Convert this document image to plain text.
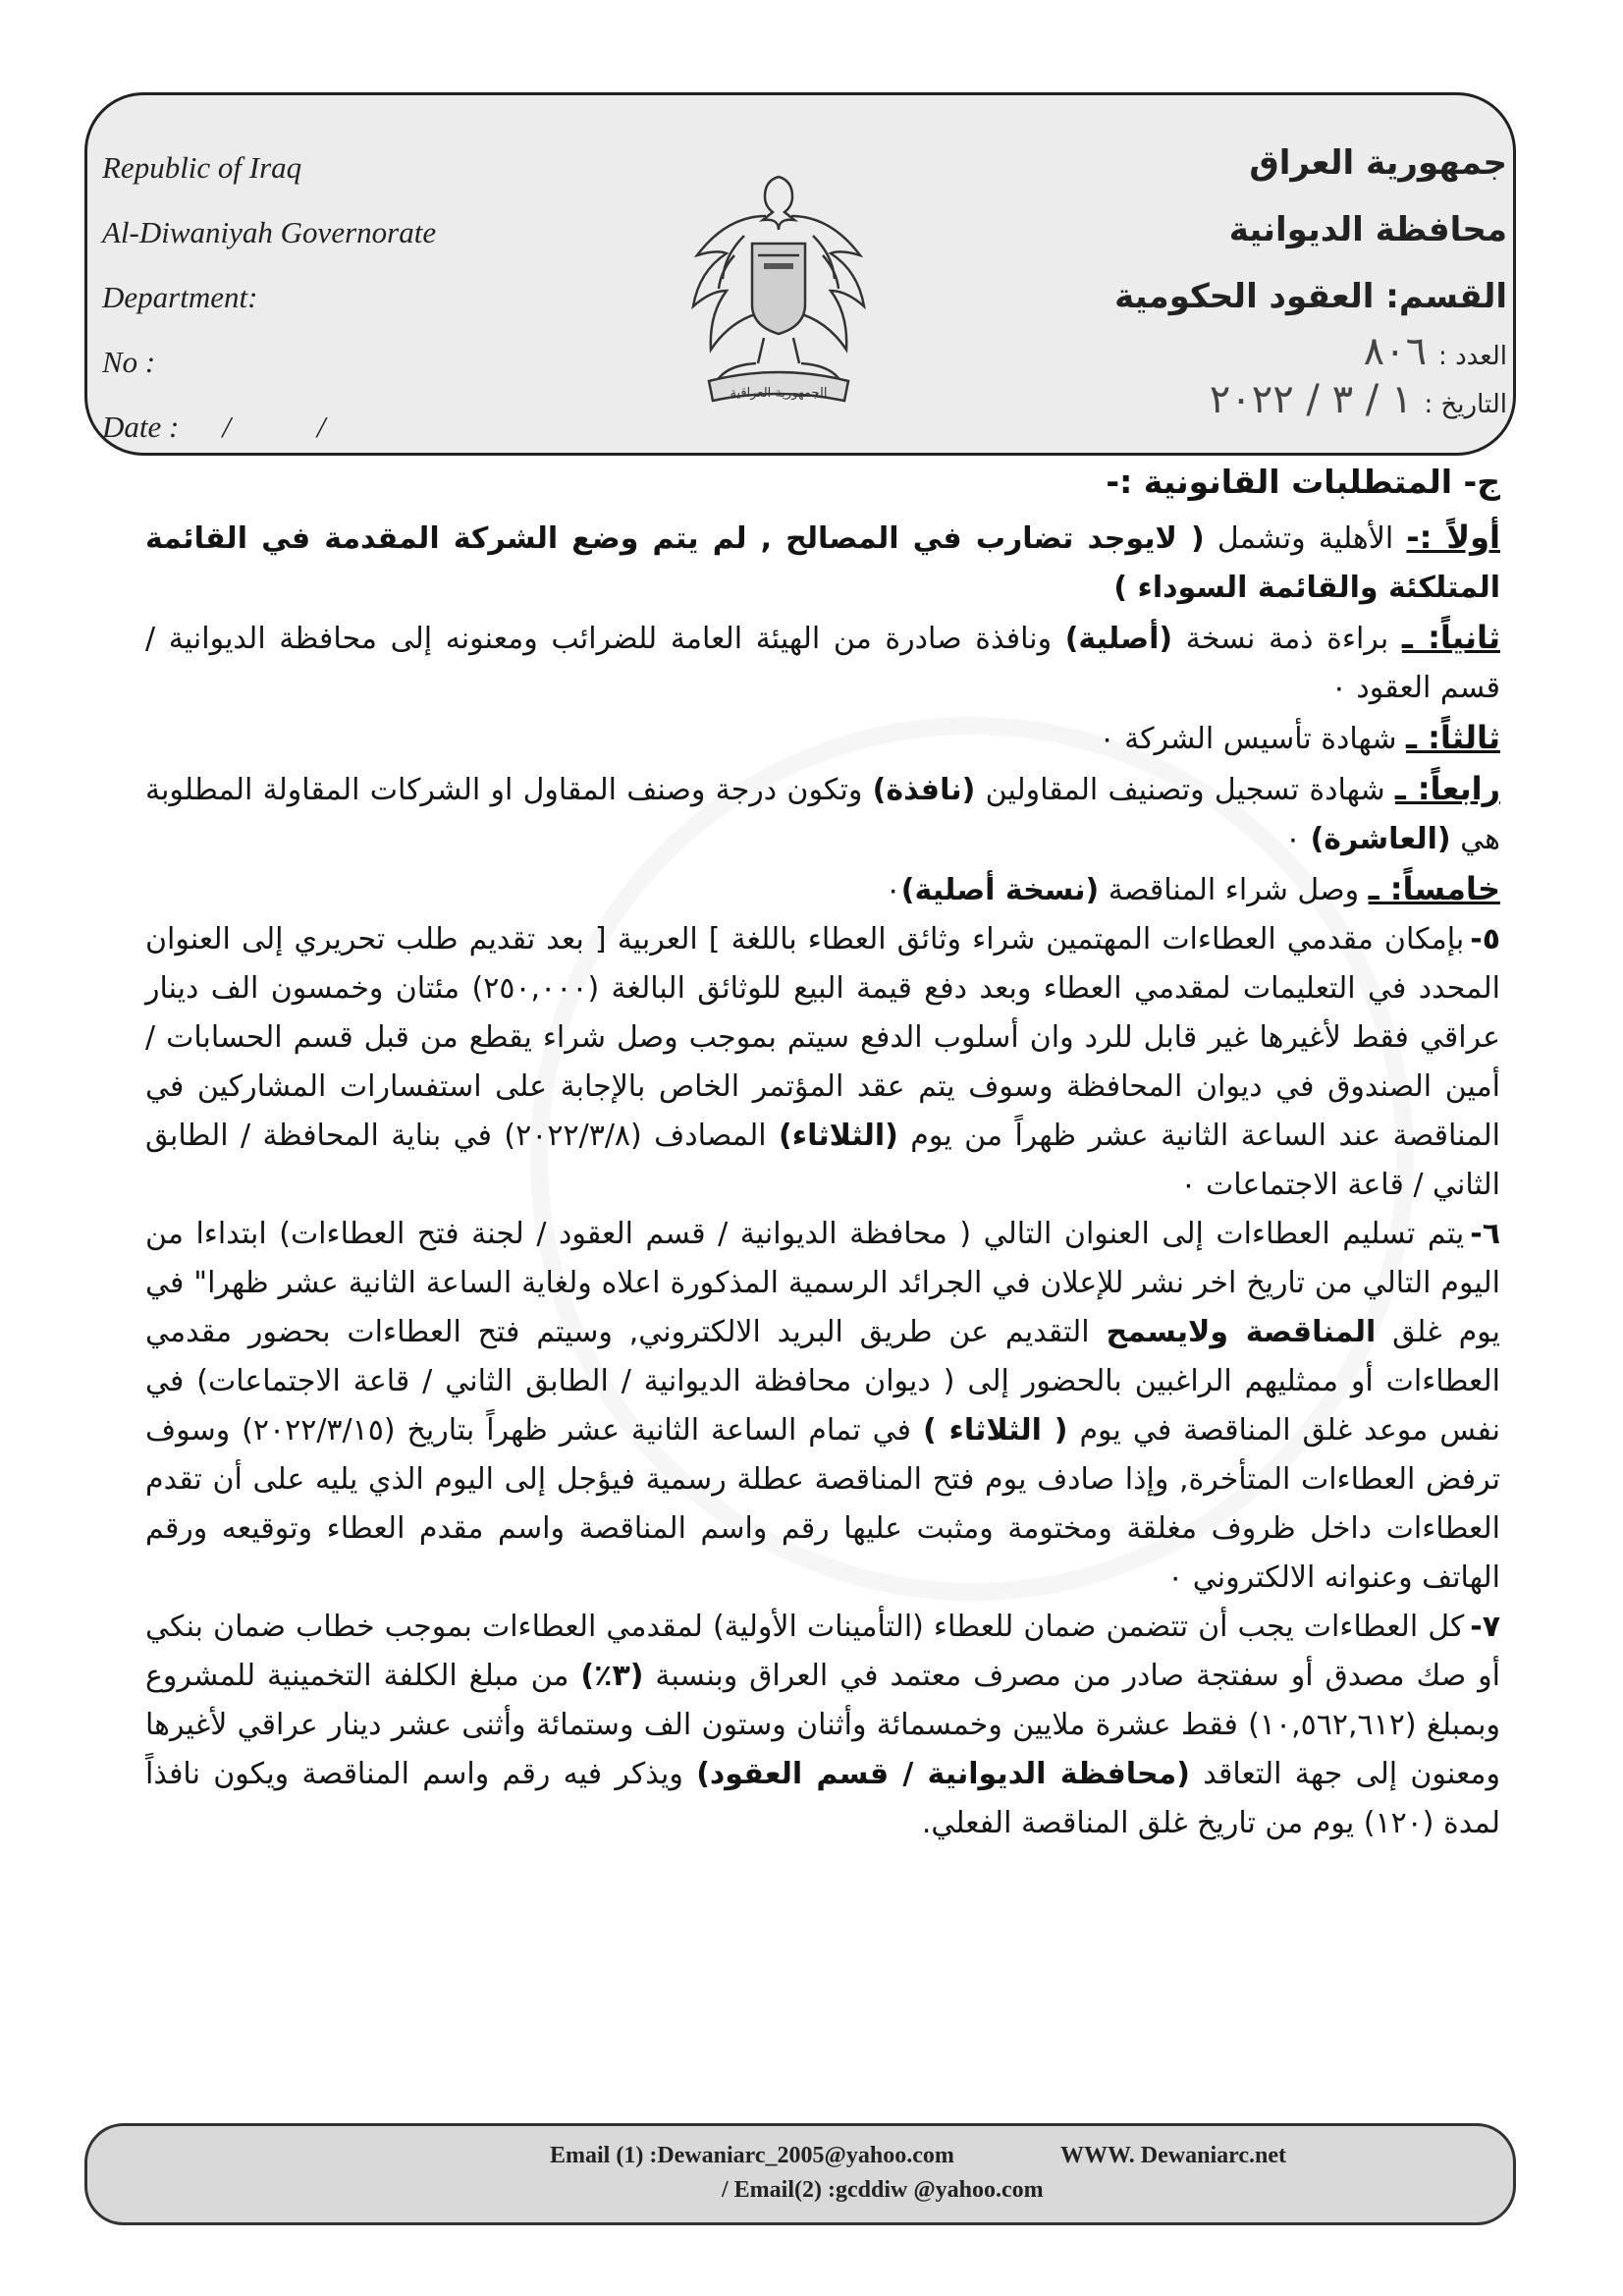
Republic of Iraq
Al-Diwaniyah Governorate
Department:
No :
Date : / /
الجمهورية العراقية
جمهورية العراق
محافظة الديوانية
القسم: العقود الحكومية
العدد :٨٠٦
التاريخ :١ / ٣ / ٢٠٢٢

ج- المتطلبات القانونية :-

أولاً :- الأهلية وتشمل ( لايوجد تضارب في المصالح , لم يتم وضع الشركة المقدمة في القائمة المتلكئة والقائمة السوداء )

ثانياً: ـ براءة ذمة نسخة (أصلية) ونافذة صادرة من الهيئة العامة للضرائب ومعنونه إلى محافظة الديوانية / قسم العقود ٠

ثالثاً: ـ شهادة تأسيس الشركة ٠

رابعاً: ـ شهادة تسجيل وتصنيف المقاولين (نافذة) وتكون درجة وصنف المقاول او الشركات المقاولة المطلوبة هي (العاشرة) ٠

خامساً: ـ وصل شراء المناقصة (نسخة أصلية)٠

٥-بإمكان مقدمي العطاءات المهتمين شراء وثائق العطاء باللغة ] العربية [ بعد تقديم طلب تحريري إلى العنوان المحدد في التعليمات لمقدمي العطاء وبعد دفع قيمة البيع للوثائق البالغة (٢٥٠,٠٠٠) مئتان وخمسون الف دينار عراقي فقط لأغيرها غير قابل للرد وان أسلوب الدفع سيتم بموجب وصل شراء يقطع من قبل قسم الحسابات / أمين الصندوق في ديوان المحافظة وسوف يتم عقد المؤتمر الخاص بالإجابة على استفسارات المشاركين في المناقصة عند الساعة الثانية عشر ظهراً من يوم (الثلاثاء) المصادف (٢٠٢٢/٣/٨) في بناية المحافظة / الطابق الثاني / قاعة الاجتماعات ٠

٦-يتم تسليم العطاءات إلى العنوان التالي ( محافظة الديوانية / قسم العقود / لجنة فتح العطاءات) ابتداءا من اليوم التالي من تاريخ اخر نشر للإعلان في الجرائد الرسمية المذكورة اعلاه ولغاية الساعة الثانية عشر ظهرا" في يوم غلق المناقصة ولايسمح التقديم عن طريق البريد الالكتروني, وسيتم فتح العطاءات بحضور مقدمي العطاءات أو ممثليهم الراغبين بالحضور إلى ( ديوان محافظة الديوانية / الطابق الثاني / قاعة الاجتماعات) في نفس موعد غلق المناقصة في يوم ( الثلاثاء ) في تمام الساعة الثانية عشر ظهراً بتاريخ (٢٠٢٢/٣/١٥) وسوف ترفض العطاءات المتأخرة, وإذا صادف يوم فتح المناقصة عطلة رسمية فيؤجل إلى اليوم الذي يليه على أن تقدم العطاءات داخل ظروف مغلقة ومختومة ومثبت عليها رقم واسم المناقصة واسم مقدم العطاء وتوقيعه ورقم الهاتف وعنوانه الالكتروني ٠

٧-كل العطاءات يجب أن تتضمن ضمان للعطاء (التأمينات الأولية) لمقدمي العطاءات بموجب خطاب ضمان بنكي أو صك مصدق أو سفتجة صادر من مصرف معتمد في العراق وبنسبة (٣٪) من مبلغ الكلفة التخمينية للمشروع وبمبلغ (١٠,٥٦٢,٦١٢) فقط عشرة ملايين وخمسمائة وأثنان وستون الف وستمائة وأثنى عشر دينار عراقي لأغيرها ومعنون إلى جهة التعاقد (محافظة الديوانية / قسم العقود) ويذكر فيه رقم واسم المناقصة ويكون نافذاً لمدة (١٢٠) يوم من تاريخ غلق المناقصة الفعلي.

Email (1) :Dewaniarc_2005@yahoo.com	WWW. Dewaniarc.net
/ Email(2) :gcddiw @yahoo.com
